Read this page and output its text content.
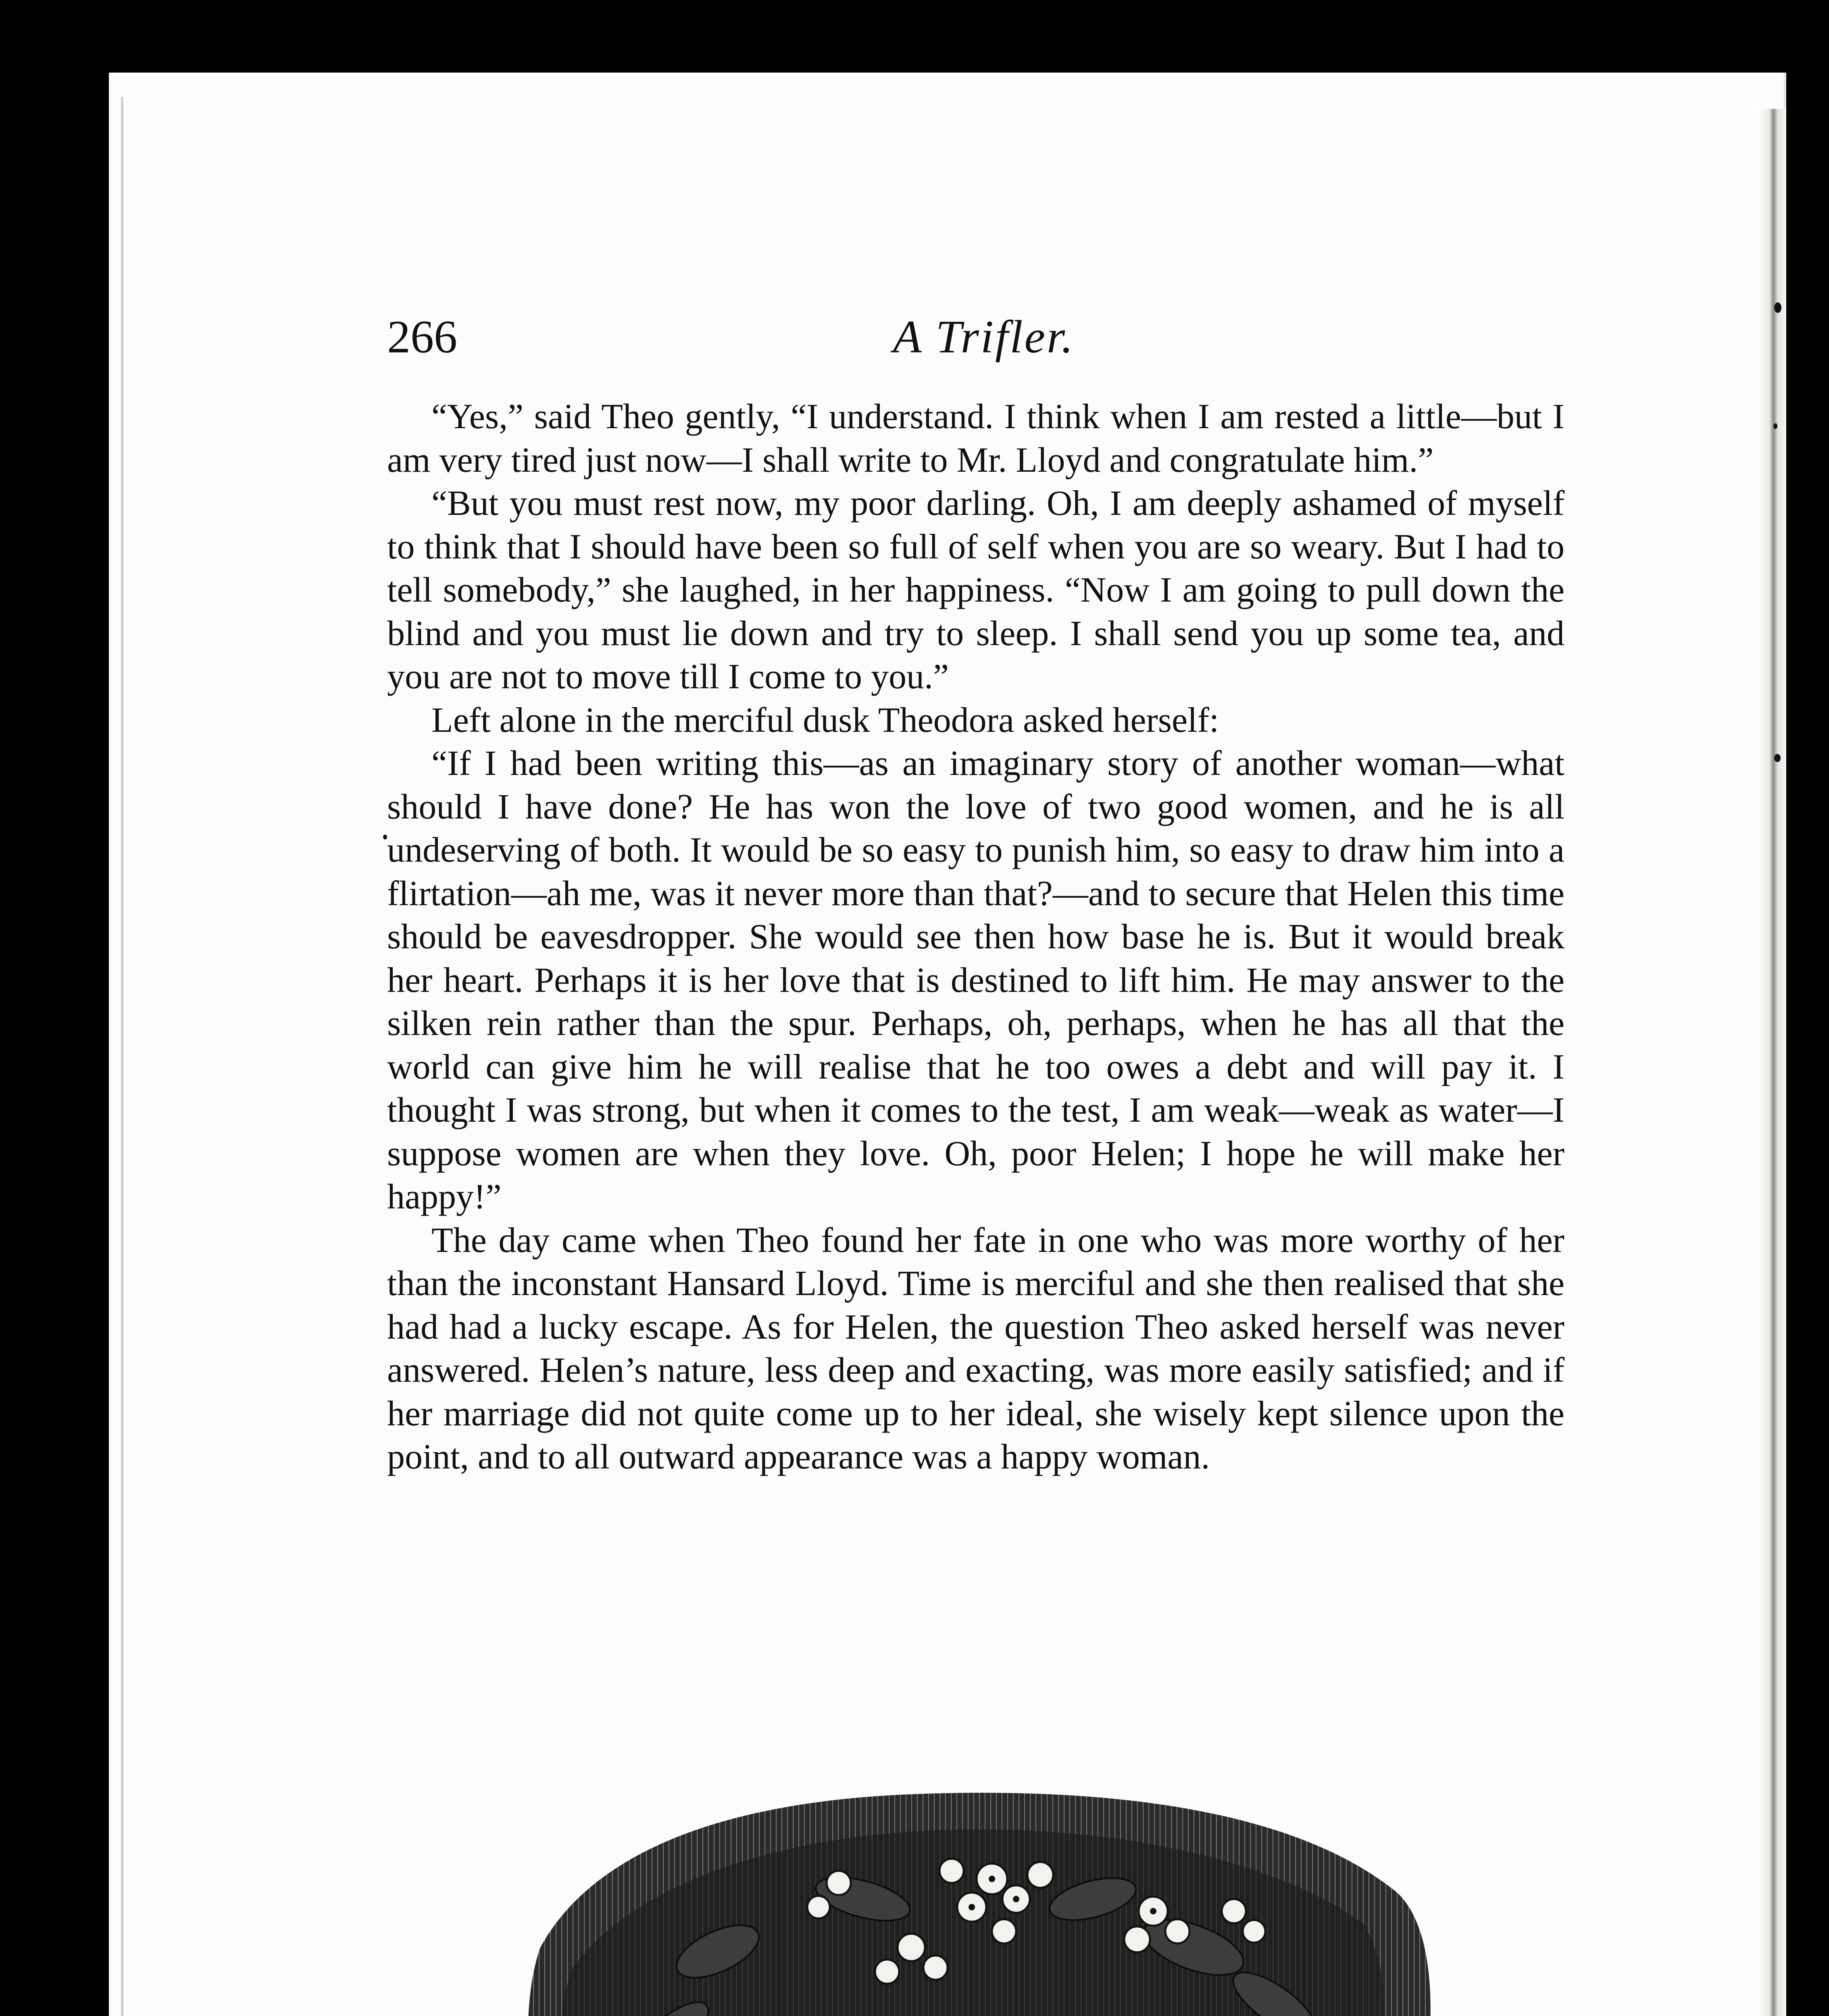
266	A Trifler.

“Yes,” said Theo gently, “I understand. I think when I am rested a little—but I am very tired just now—I shall write to Mr. Lloyd and congratulate him.”

“But you must rest now, my poor darling. Oh, I am deeply ashamed of myself to think that I should have been so full of self when you are so weary. But I had to tell somebody,” she laughed, in her happiness. “Now I am going to pull down the blind and you must lie down and try to sleep. I shall send you up some tea, and you are not to move till I come to you.”

Left alone in the merciful dusk Theodora asked herself:

“If I had been writing this—as an imaginary story of another woman—what should I have done? He has won the love of two good women, and he is all undeserving of both. It would be so easy to punish him, so easy to draw him into a flirtation—ah me, was it never more than that?—and to secure that Helen this time should be eavesdropper. She would see then how base he is. But it would break her heart. Perhaps it is her love that is destined to lift him. He may answer to the silken rein rather than the spur. Perhaps, oh, perhaps, when he has all that the world can give him he will realise that he too owes a debt and will pay it. I thought I was strong, but when it comes to the test, I am weak—weak as water—I suppose women are when they love. Oh, poor Helen; I hope he will make her happy!”

The day came when Theo found her fate in one who was more worthy of her than the inconstant Hansard Lloyd. Time is merciful and she then realised that she had had a lucky escape. As for Helen, the question Theo asked herself was never answered. Helen’s nature, less deep and exacting, was more easily satisfied; and if her marriage did not quite come up to her ideal, she wisely kept silence upon the point, and to all outward appearance was a happy woman.
